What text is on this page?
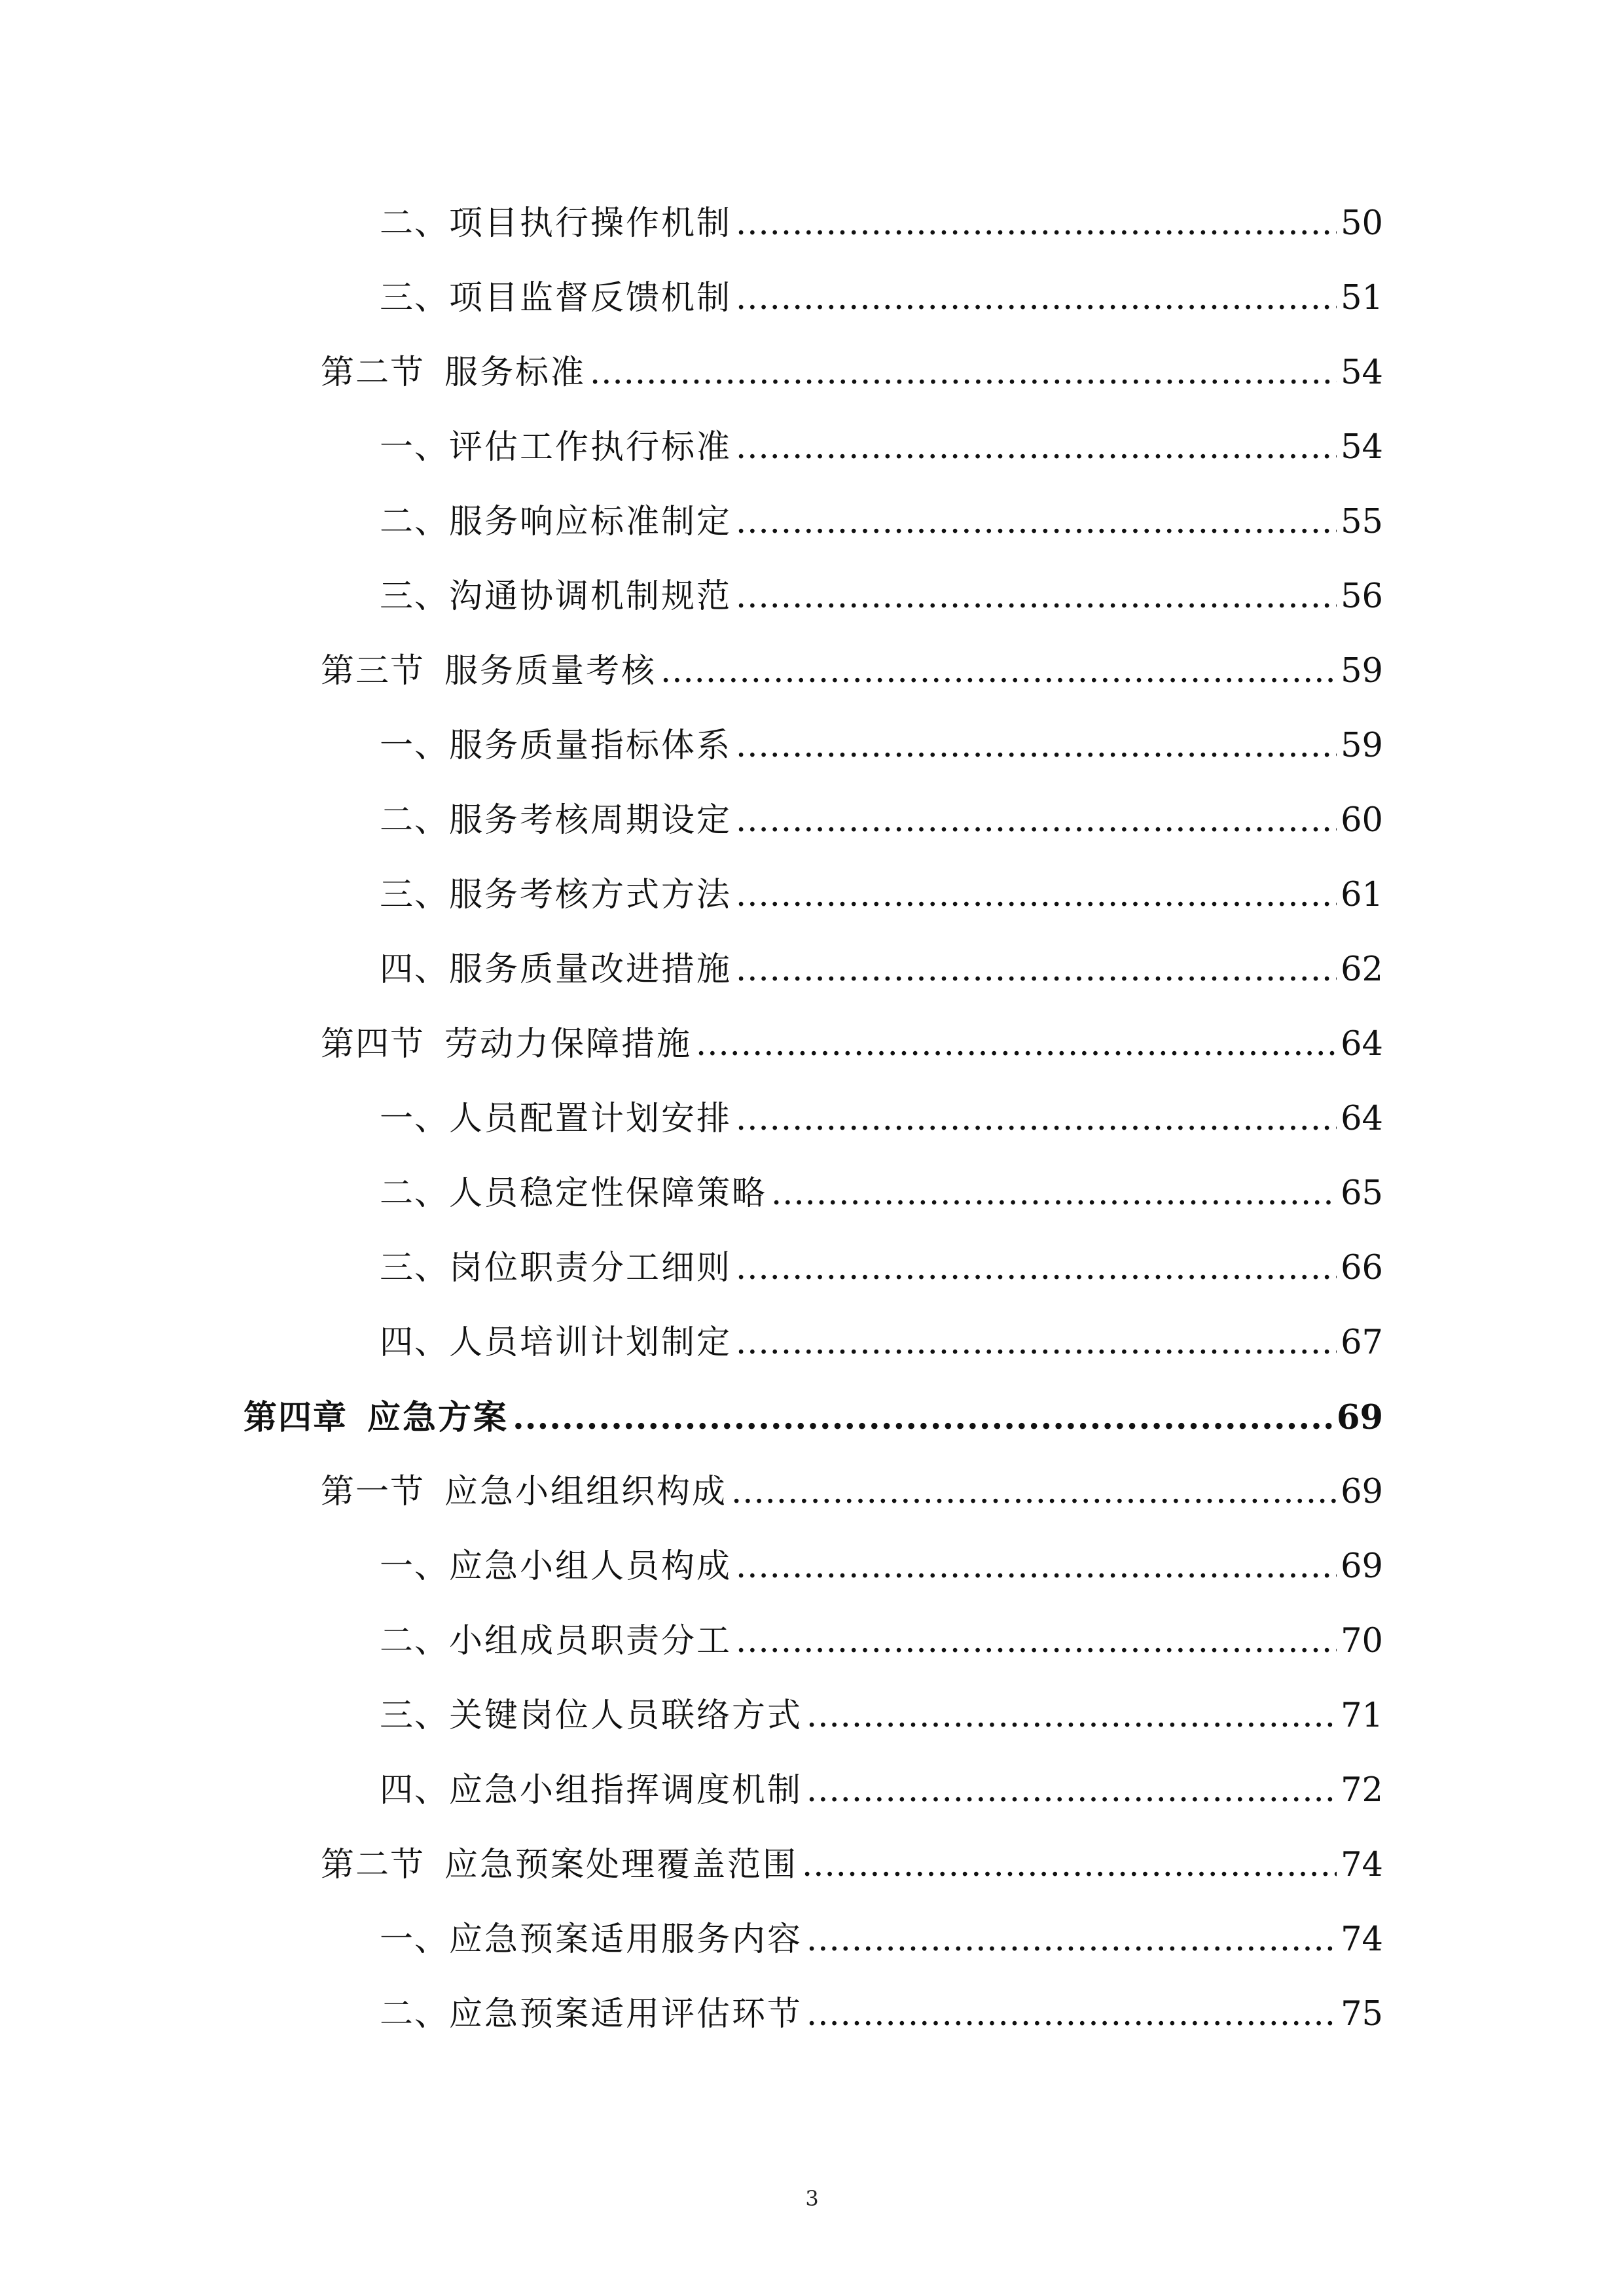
二、 项目执行操作机制 .....	50
三、 项目监督反馈机制 .....	51
第二节 服务标准 .....	54
一、 评估工作执行标准 .....	54
二、 服务响应标准制定 .....	55
三、 沟通协调机制规范 .....	56
第三节 服务质量考核 .....	59
一、 服务质量指标体系 .....	59
二、 服务考核周期设定 .....	60
三、 服务考核方式方法 .....	61
四、 服务质量改进措施 .....	62
第四节 劳动力保障措施 .....	64
一、 人员配置计划安排 .....	64
二、 人员稳定性保障策略 .....	65
三、 岗位职责分工细则 .....	66
四、 人员培训计划制定 .....	67
第四章 应急方案 .....	69
第一节 应急小组组织构成 .....	69
一、 应急小组人员构成 .....	69
二、 小组成员职责分工 .....	70
三、 关键岗位人员联络方式 .....	71
四、 应急小组指挥调度机制 .....	72
第二节 应急预案处理覆盖范围 .....	74
一、 应急预案适用服务内容 .....	74
二、 应急预案适用评估环节 .....	75
3
